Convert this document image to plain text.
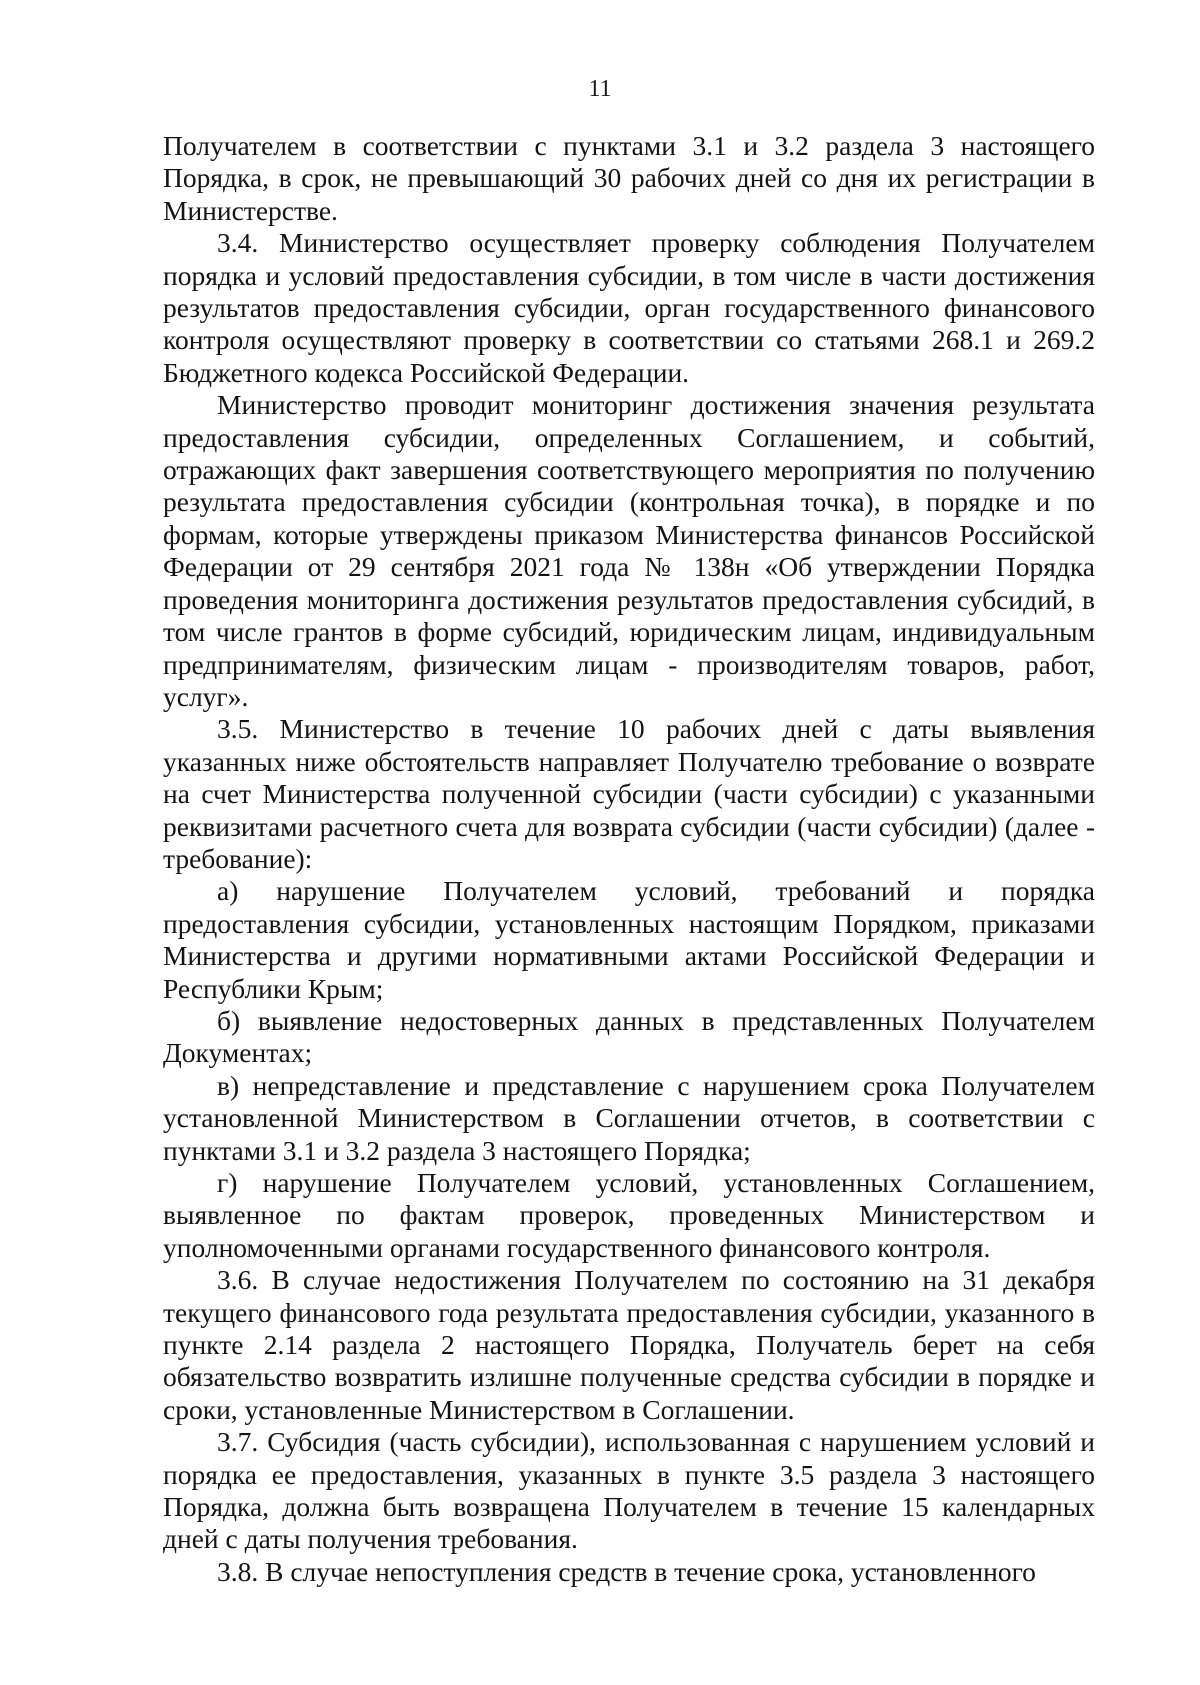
11

Получателем в соответствии с пунктами 3.1 и 3.2 раздела 3 настоящего Порядка, в срок, не превышающий 30 рабочих дней со дня их регистрации в Министерстве.

3.4. Министерство осуществляет проверку соблюдения Получателем порядка и условий предоставления субсидии, в том числе в части достижения результатов предоставления субсидии, орган государственного финансового контроля осуществляют проверку в соответствии со статьями 268.1 и 269.2 Бюджетного кодекса Российской Федерации.

Министерство проводит мониторинг достижения значения результата предоставления субсидии, определенных Соглашением, и событий, отражающих факт завершения соответствующего мероприятия по получению результата предоставления субсидии (контрольная точка), в порядке и по формам, которые утверждены приказом Министерства финансов Российской Федерации от 29 сентября 2021 года № 138н «Об утверждении Порядка проведения мониторинга достижения результатов предоставления субсидий, в том числе грантов в форме субсидий, юридическим лицам, индивидуальным предпринимателям, физическим лицам - производителям товаров, работ, услуг».

3.5. Министерство в течение 10 рабочих дней с даты выявления указанных ниже обстоятельств направляет Получателю требование о возврате на счет Министерства полученной субсидии (части субсидии) с указанными реквизитами расчетного счета для возврата субсидии (части субсидии) (далее - требование):

а) нарушение Получателем условий, требований и порядка предоставления субсидии, установленных настоящим Порядком, приказами Министерства и другими нормативными актами Российской Федерации и Республики Крым;

б) выявление недостоверных данных в представленных Получателем Документах;

в) непредставление и представление с нарушением срока Получателем установленной Министерством в Соглашении отчетов, в соответствии с пунктами 3.1 и 3.2 раздела 3 настоящего Порядка;

г) нарушение Получателем условий, установленных Соглашением, выявленное по фактам проверок, проведенных Министерством и уполномоченными органами государственного финансового контроля.

3.6. В случае недостижения Получателем по состоянию на 31 декабря текущего финансового года результата предоставления субсидии, указанного в пункте 2.14 раздела 2 настоящего Порядка, Получатель берет на себя обязательство возвратить излишне полученные средства субсидии в порядке и сроки, установленные Министерством в Соглашении.

3.7. Субсидия (часть субсидии), использованная с нарушением условий и порядка ее предоставления, указанных в пункте 3.5 раздела 3 настоящего Порядка, должна быть возвращена Получателем в течение 15 календарных дней с даты получения требования.

3.8. В случае непоступления средств в течение срока, установленного
